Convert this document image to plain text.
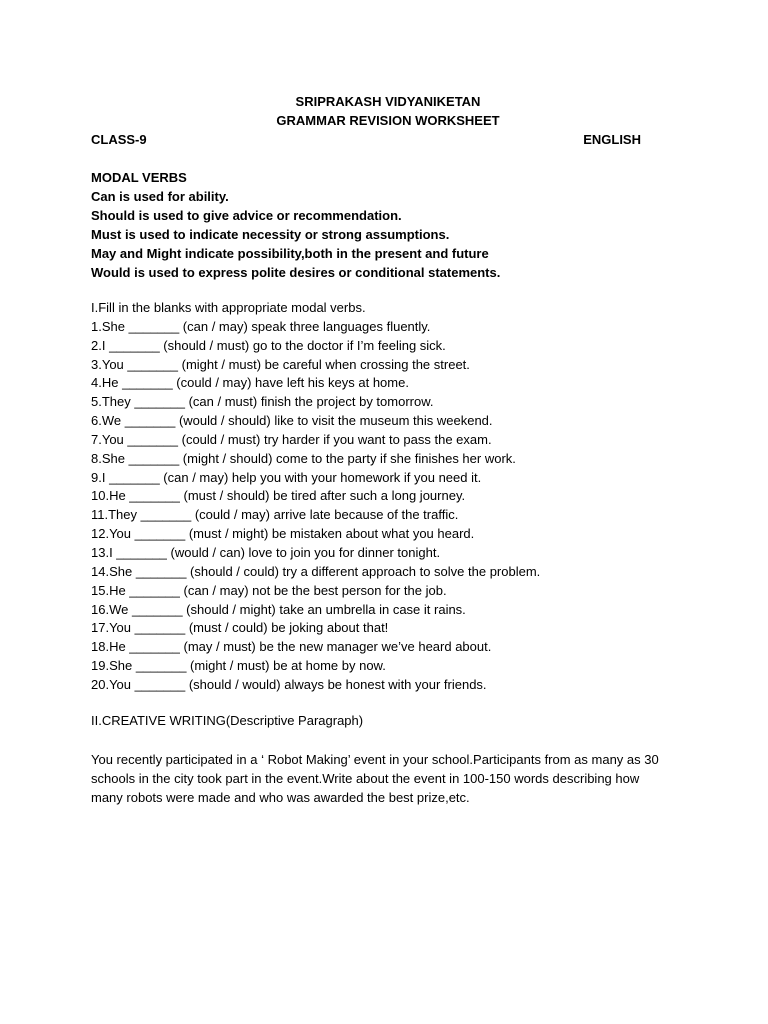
SRIPRAKASH VIDYANIKETAN
GRAMMAR REVISION WORKSHEET
CLASS-9	ENGLISH
MODAL VERBS
Can is used for ability.
Should is used to give advice or recommendation.
Must is used to indicate necessity or strong assumptions.
May and Might indicate possibility,both in the present and future
Would is used to express polite desires or conditional statements.
I.Fill in the blanks with appropriate modal verbs.
1.She _______ (can / may) speak three languages fluently.
2.I _______ (should / must) go to the doctor if I’m feeling sick.
3.You _______ (might / must) be careful when crossing the street.
4.He _______ (could / may) have left his keys at home.
5.They _______ (can / must) finish the project by tomorrow.
6.We _______ (would / should) like to visit the museum this weekend.
7.You _______ (could / must) try harder if you want to pass the exam.
8.She _______ (might / should) come to the party if she finishes her work.
9.I _______ (can / may) help you with your homework if you need it.
10.He _______ (must / should) be tired after such a long journey.
11.They _______ (could / may) arrive late because of the traffic.
12.You _______ (must / might) be mistaken about what you heard.
13.I _______ (would / can) love to join you for dinner tonight.
14.She _______ (should / could) try a different approach to solve the problem.
15.He _______ (can / may) not be the best person for the job.
16.We _______ (should / might) take an umbrella in case it rains.
17.You _______ (must / could) be joking about that!
18.He _______ (may / must) be the new manager we’ve heard about.
19.She _______ (might / must) be at home by now.
20.You _______ (should / would) always be honest with your friends.
II.CREATIVE WRITING(Descriptive Paragraph)
You recently participated in a ‘ Robot Making’ event in your school.Participants from as many as 30 schools in the city took part in the event.Write about the event in 100-150 words describing how many robots were made and who was awarded the best prize,etc.
